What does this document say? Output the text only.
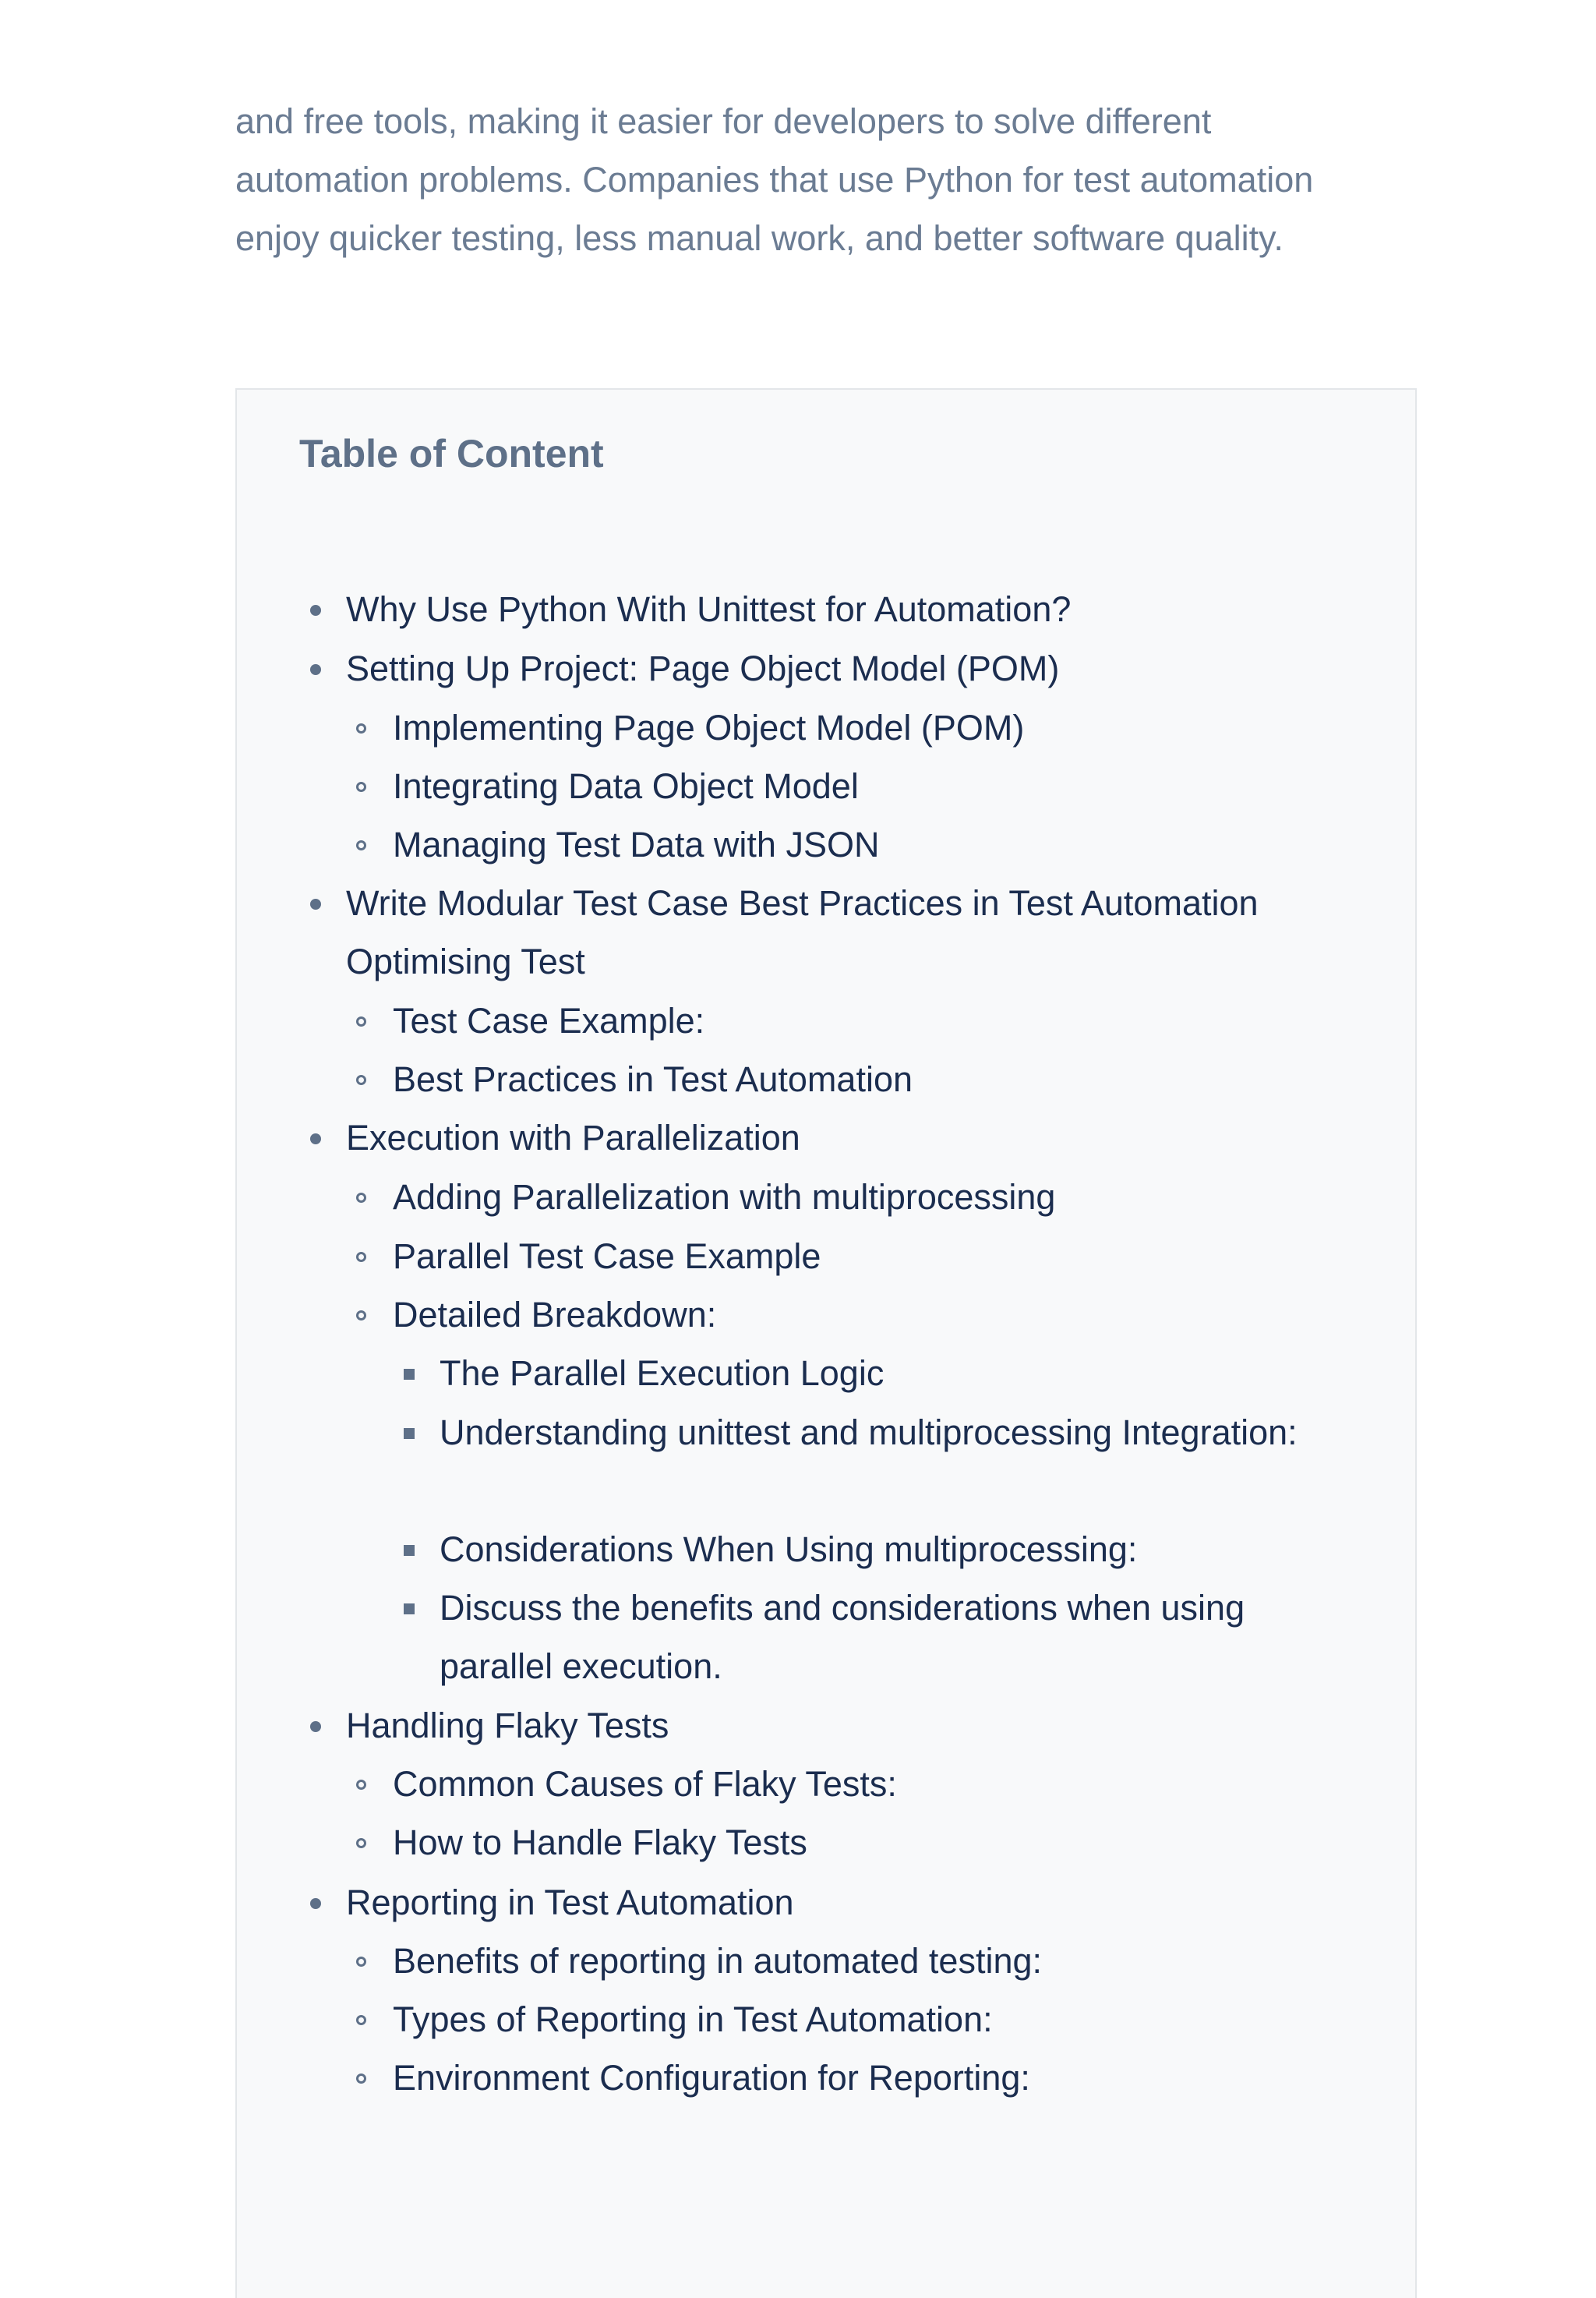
and free tools, making it easier for developers to solve different automation problems. Companies that use Python for test automation enjoy quicker testing, less manual work, and better software quality.

Table of Content
Why Use Python With Unittest for Automation?
Setting Up Project: Page Object Model (POM)
Implementing Page Object Model (POM)
Integrating Data Object Model
Managing Test Data with JSON
Write Modular Test Case Best Practices in Test Automation Optimising Test
Test Case Example:
Best Practices in Test Automation
Execution with Parallelization
Adding Parallelization with multiprocessing
Parallel Test Case Example
Detailed Breakdown:
The Parallel Execution Logic
Understanding unittest and multiprocessing Integration:
Considerations When Using multiprocessing:
Discuss the benefits and considerations when using parallel execution.
Handling Flaky Tests
Common Causes of Flaky Tests:
How to Handle Flaky Tests
Reporting in Test Automation
Benefits of reporting in automated testing:
Types of Reporting in Test Automation:
Environment Configuration for Reporting:
